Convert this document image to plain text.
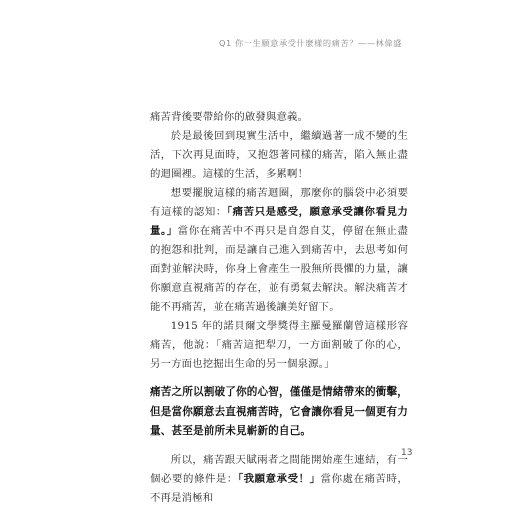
Q1 你一生願意承受什麼樣的痛苦？——林偉盛

痛苦背後要帶給你的啟發與意義。

於是最後回到現實生活中，繼續過著一成不變的生活，下次再見面時，又抱怨著同樣的痛苦，陷入無止盡的迴圈裡。這樣的生活，多累啊！

想要擺脫這樣的痛苦迴圈，那麼你的腦袋中必須要有這樣的認知：「痛苦只是感受，願意承受讓你看見力量。」當你在痛苦中不再只是自怨自艾，停留在無止盡的抱怨和批判，而是讓自己進入到痛苦中，去思考如何面對並解決時，你身上會產生一股無所畏懼的力量，讓你願意直視痛苦的存在，並有勇氣去解決。解決痛苦才能不再痛苦，並在痛苦過後讓美好留下。

1915 年的諾貝爾文學獎得主羅曼羅蘭曾這樣形容痛苦，他說：「痛苦這把犁刀，一方面割破了你的心，另一方面也挖掘出生命的另一個泉源。」

痛苦之所以割破了你的心智，僅僅是情緒帶來的衝擊，但是當你願意去直視痛苦時，它會讓你看見一個更有力量、甚至是前所未見嶄新的自己。

所以，痛苦跟天賦兩者之間能開始產生連結，有一個必要的條件是：「我願意承受！」當你處在痛苦時，不再是消極和

13
